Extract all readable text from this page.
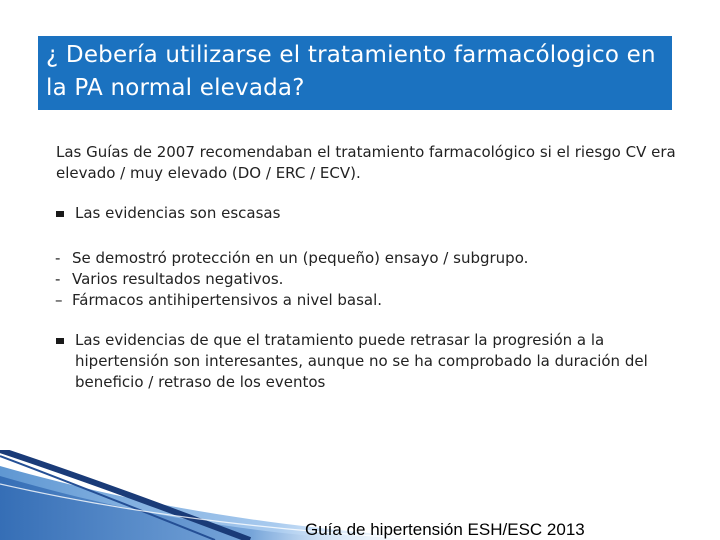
¿ Debería utilizarse el tratamiento farmacólogico en la PA normal elevada?

Las Guías de 2007 recomendaban el tratamiento farmacológico si el riesgo CV era elevado / muy elevado (DO / ERC / ECV).

Las evidencias son escasas
- Se demostró protección en un (pequeño) ensayo / subgrupo.
- Varios resultados negativos.
– Fármacos antihipertensivos a nivel basal.
Las evidencias de que el tratamiento puede retrasar la progresión a la hipertensión son interesantes, aunque no se ha comprobado la duración del beneficio / retraso de los eventos

Guía de hipertensión ESH/ESC 2013
